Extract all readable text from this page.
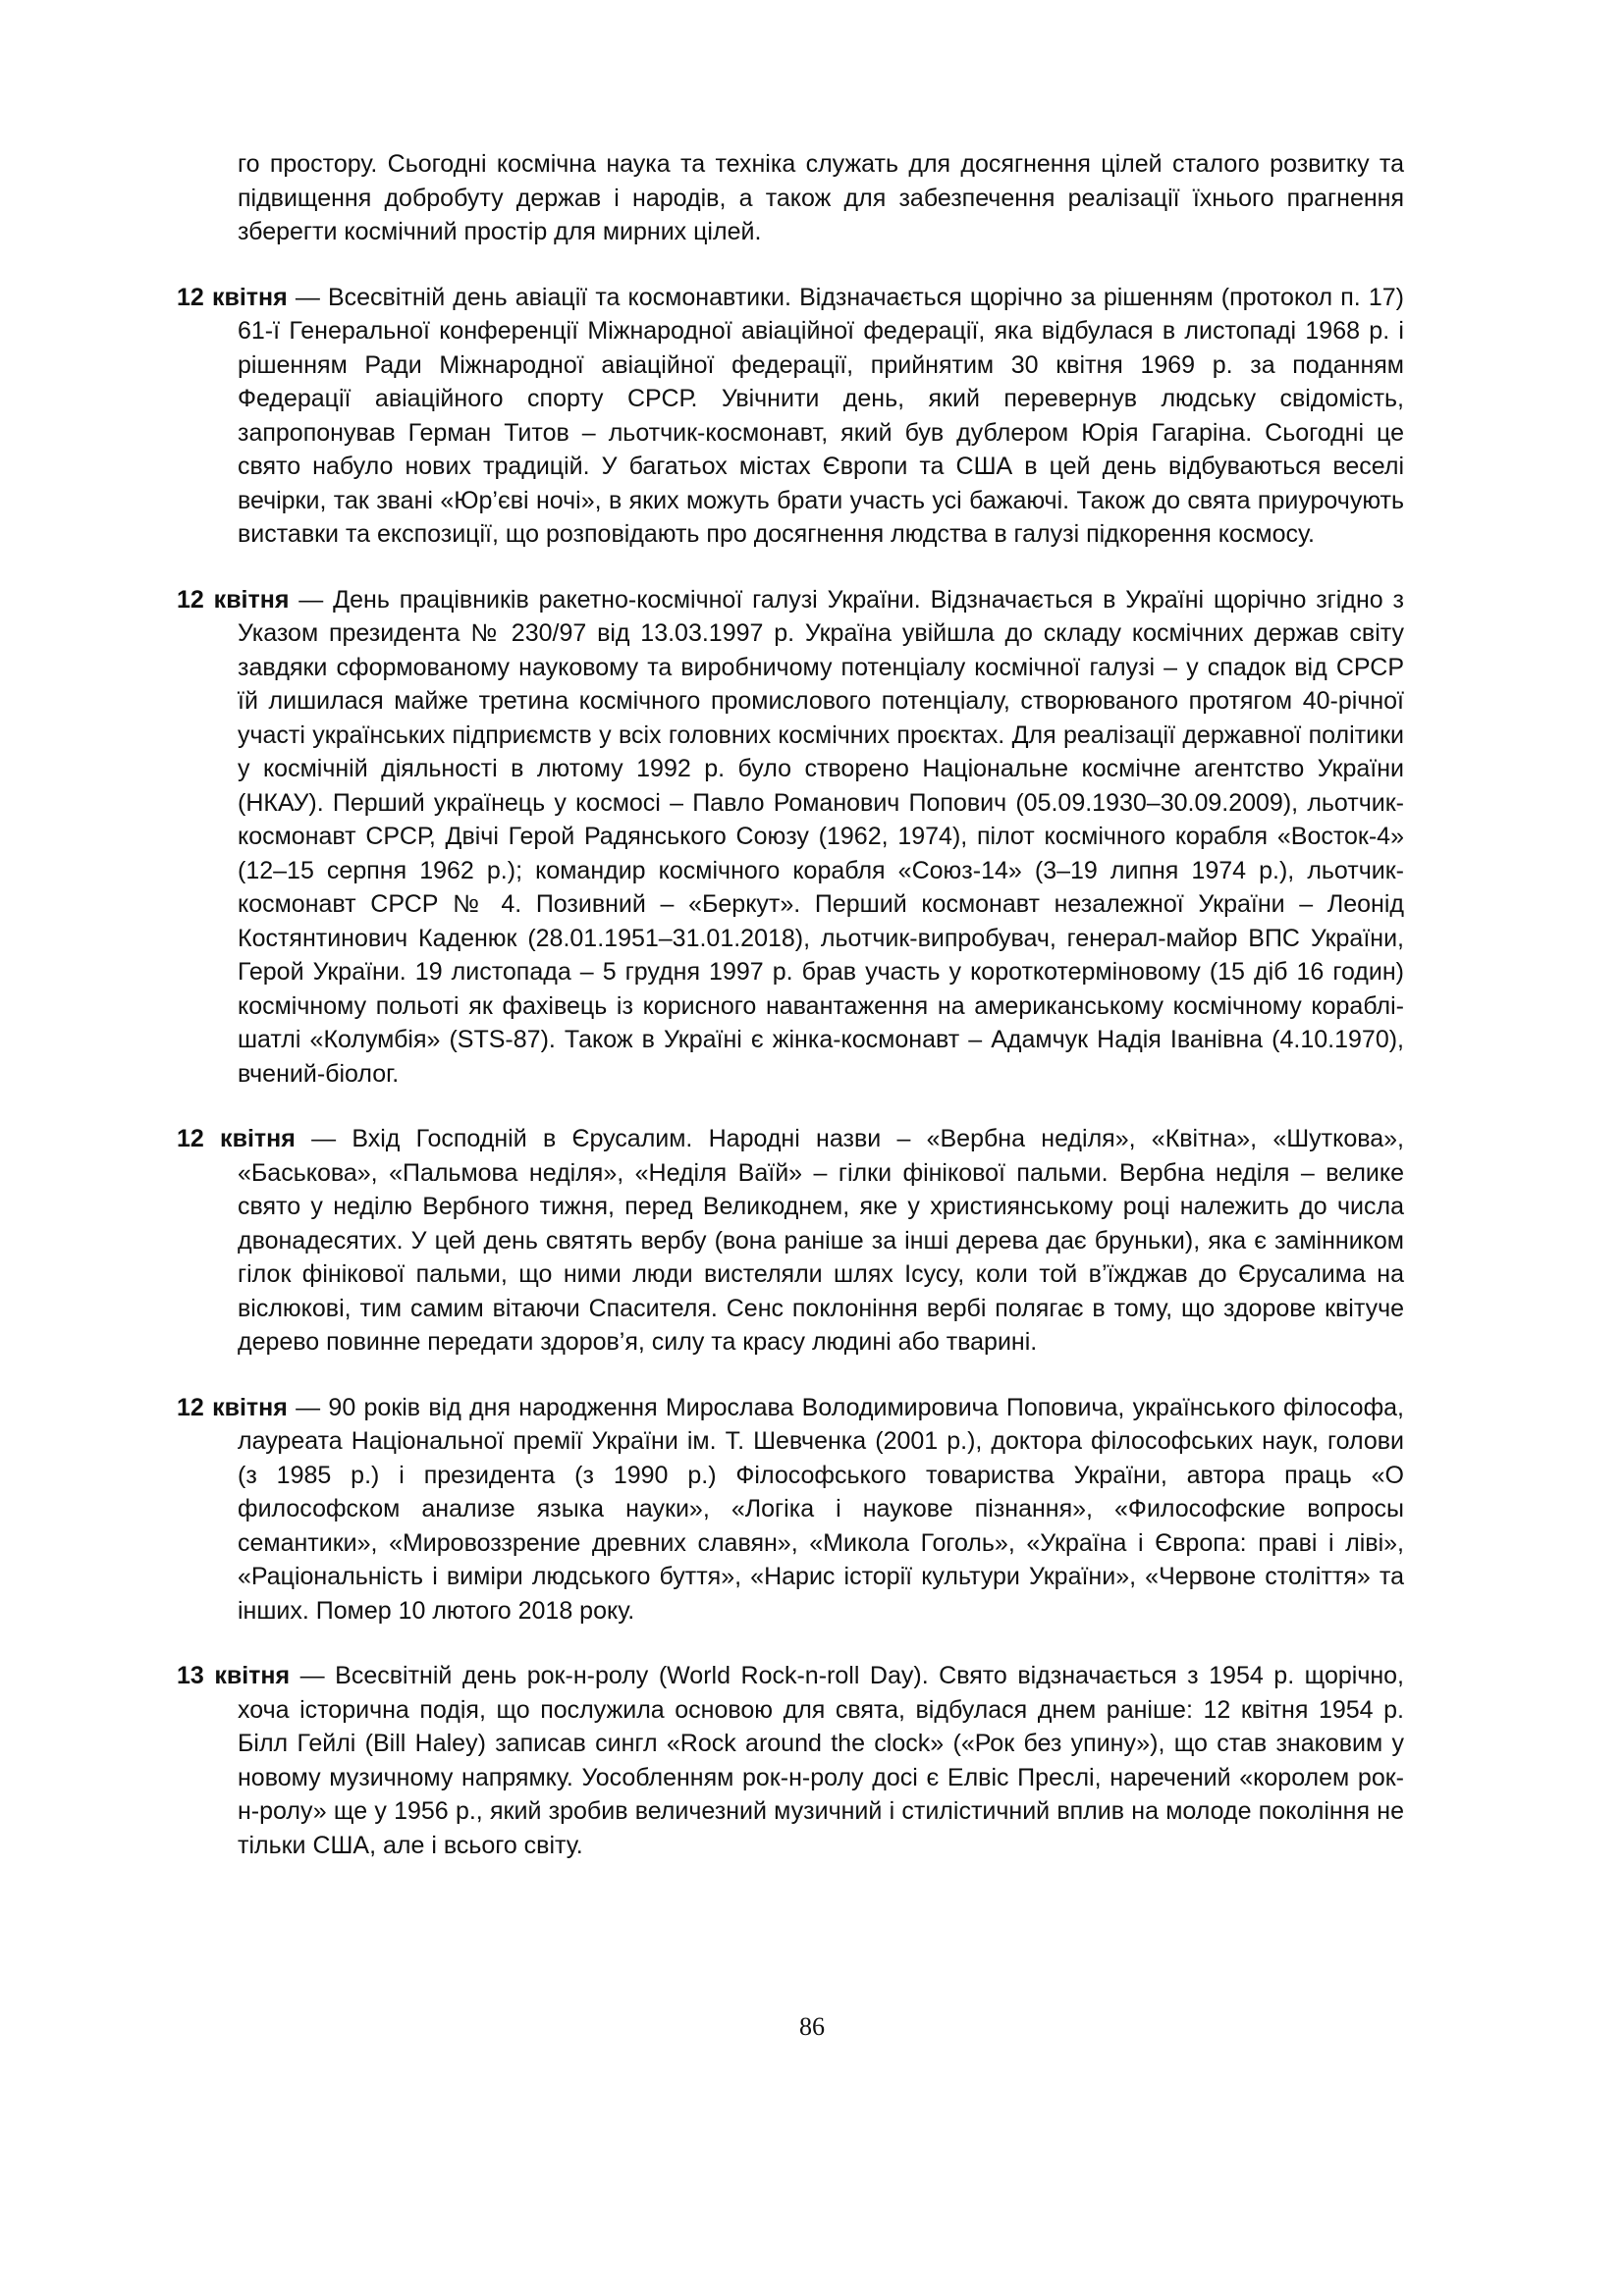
го простору. Сьогодні космічна наука та техніка служать для досягнення цілей сталого розвитку та підвищення добробуту держав і народів, а також для забезпечення реалізації їхнього прагнення зберегти космічний простір для мирних цілей.

12 квітня — Всесвітній день авіації та космонавтики. Відзначається щорічно за рішенням (протокол п. 17) 61-ї Генеральної конференції Міжнародної авіаційної федерації, яка відбулася в листопаді 1968 р. і рішенням Ради Міжнародної авіаційної федерації, прийнятим 30 квітня 1969 р. за поданням Федерації авіаційного спорту СРСР. Увічнити день, який перевернув людську свідомість, запропонував Герман Титов – льотчик-космонавт, який був дублером Юрія Гагаріна. Сьогодні це свято набуло нових традицій. У багатьох містах Європи та США в цей день відбуваються веселі вечірки, так звані «Юр’єві ночі», в яких можуть брати участь усі бажаючі. Також до свята приурочують виставки та експозиції, що розповідають про досягнення людства в галузі підкорення космосу.

12 квітня — День працівників ракетно-космічної галузі України. Відзначається в Україні щорічно згідно з Указом президента № 230/97 від 13.03.1997 р. Україна увійшла до складу космічних держав світу завдяки сформованому науковому та виробничому потенціалу космічної галузі – у спадок від СРСР їй лишилася майже третина космічного промислового потенціалу, створюваного протягом 40-річної участі українських підприємств у всіх головних космічних проєктах. Для реалізації державної політики у космічній діяльності в лютому 1992 р. було створено Національне космічне агентство України (НКАУ). Перший українець у космосі – Павло Романович Попович (05.09.1930–30.09.2009), льотчик-космонавт СРСР, Двічі Герой Радянського Союзу (1962, 1974), пілот космічного корабля «Восток-4» (12–15 серпня 1962 р.); командир космічного корабля «Союз-14» (3–19 липня 1974 р.), льотчик-космонавт СРСР № 4. Позивний – «Беркут». Перший космонавт незалежної України – Леонід Костянтинович Каденюк (28.01.1951–31.01.2018), льотчик-випробувач, генерал-майор ВПС України, Герой України. 19 листопада – 5 грудня 1997 р. брав участь у короткотерміновому (15 діб 16 годин) космічному польоті як фахівець із корисного навантаження на американському космічному кораблі-шатлі «Колумбія» (STS-87). Також в Україні є жінка-космонавт – Адамчук Надія Іванівна (4.10.1970), вчений-біолог.

12 квітня — Вхід Господній в Єрусалим. Народні назви – «Вербна неділя», «Квітна», «Шуткова», «Баськова», «Пальмова неділя», «Неділя Ваїй» – гілки фінікової пальми. Вербна неділя – велике свято у неділю Вербного тижня, перед Великоднем, яке у християнському році належить до числа двонадесятих. У цей день святять вербу (вона раніше за інші дерева дає бруньки), яка є замінником гілок фінікової пальми, що ними люди вистеляли шлях Ісусу, коли той в’їжджав до Єрусалима на віслюкові, тим самим вітаючи Спасителя. Сенс поклоніння вербі полягає в тому, що здорове квітуче дерево повинне передати здоров’я, силу та красу людині або тварині.

12 квітня — 90 років від дня народження Мирослава Володимировича Поповича, українського філософа, лауреата Національної премії України ім. Т. Шевченка (2001 р.), доктора філософських наук, голови (з 1985 р.) і президента (з 1990 р.) Філософського товариства України, автора праць «О философском анализе языка науки», «Логіка і наукове пізнання», «Философские вопросы семантики», «Мировоззрение древних славян», «Микола Гоголь», «Україна і Європа: праві і ліві», «Раціональність і виміри людського буття», «Нарис історії культури України», «Червоне століття» та інших. Помер 10 лютого 2018 року.

13 квітня — Всесвітній день рок-н-ролу (World Rock-n-roll Day). Свято відзначається з 1954 р. щорічно, хоча історична подія, що послужила основою для свята, відбулася днем раніше: 12 квітня 1954 р. Білл Гейлі (Bill Haley) записав сингл «Rock around the clock» («Рок без упину»), що став знаковим у новому музичному напрямку. Уособленням рок-н-ролу досі є Елвіс Преслі, наречений «королем рок-н-ролу» ще у 1956 р., який зробив величезний музичний і стилістичний вплив на молоде покоління не тільки США, але і всього світу.

86
